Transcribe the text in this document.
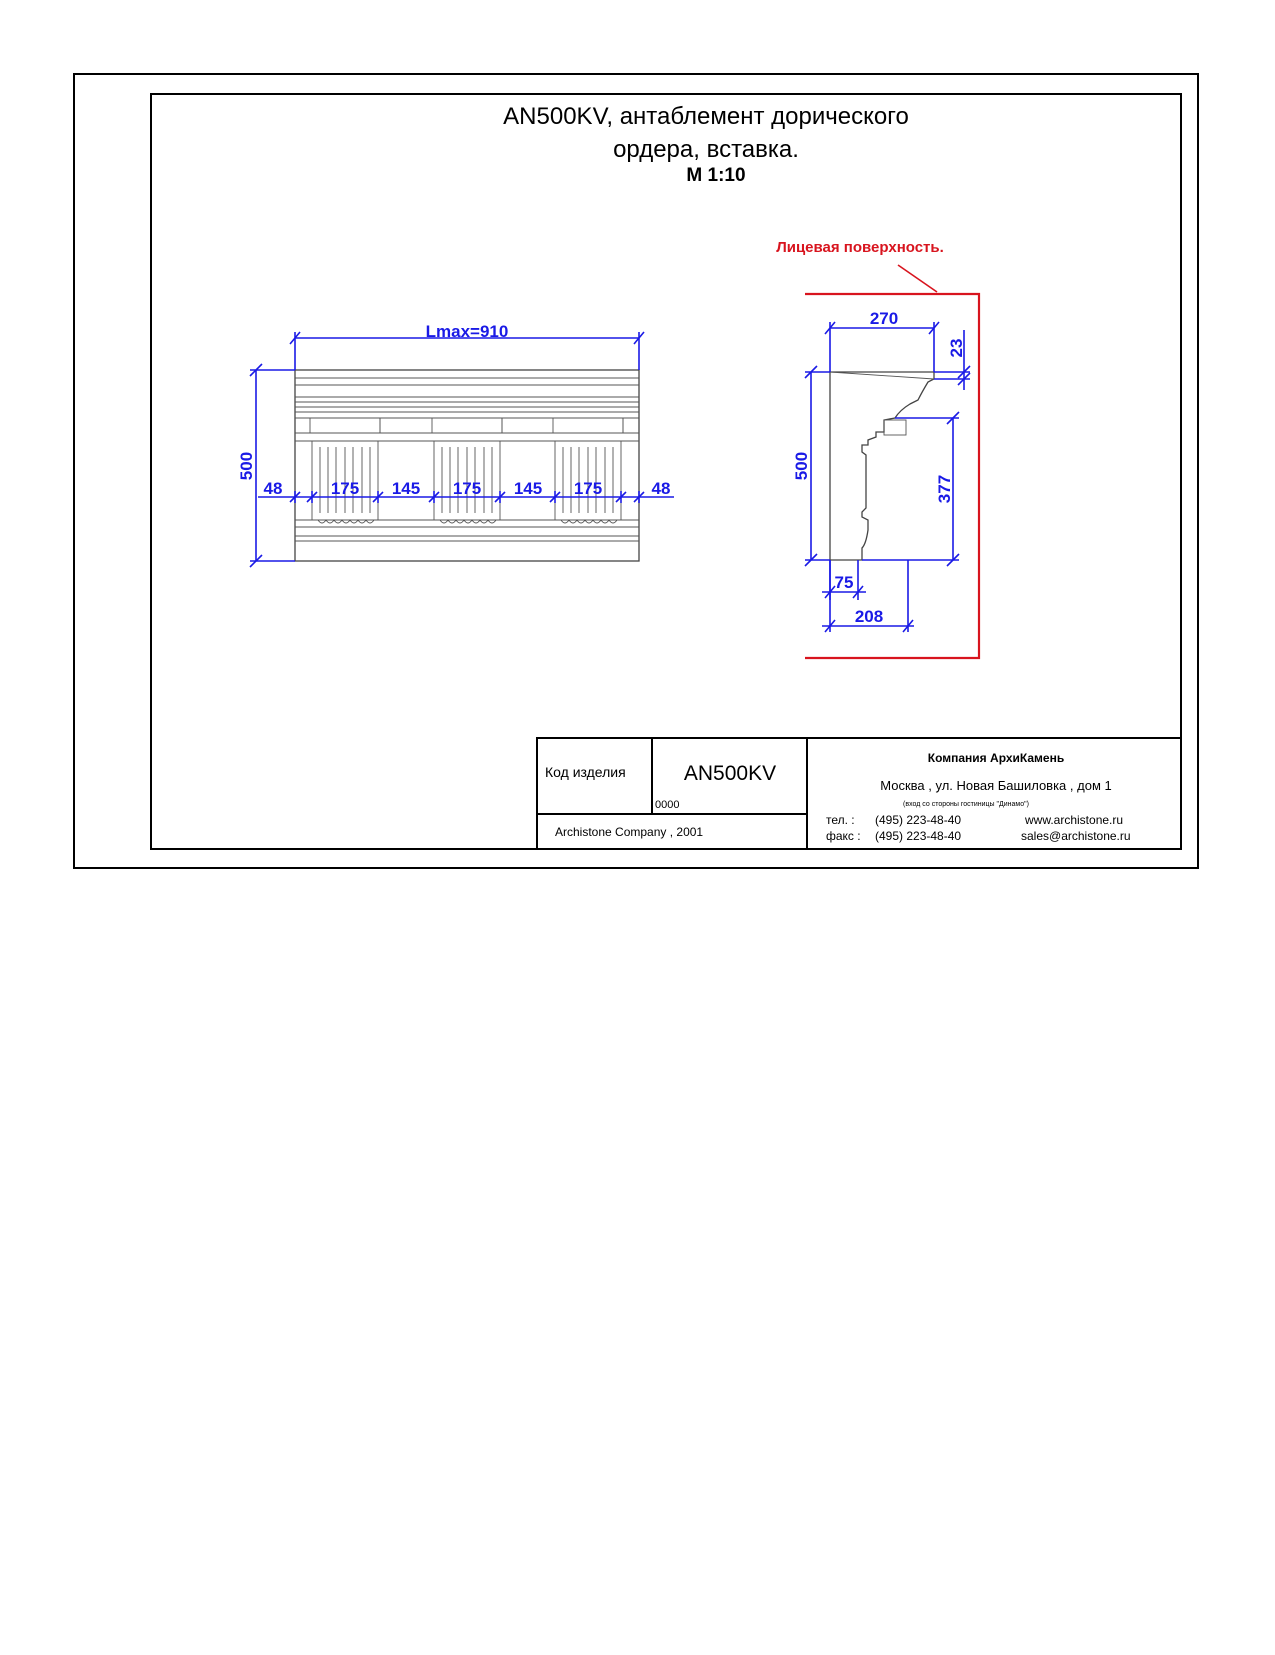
AN500KV, антаблемент дорического
ордера, вставка.
М 1:10
Lmax=910
500
48	175 145 175 145 175	48
Лицевая поверхность.
270
23
500
377
75
208
Код изделия	AN500KV
0000
Archistone Company , 2001
Компания АрхиКамень
Москва , ул. Новая Башиловка , дом 1
(вход со стороны гостиницы "Динамо")
тел. : (495) 223-48-40
факс : (495) 223-48-40
www.archistone.ru
sales@archistone.ru
